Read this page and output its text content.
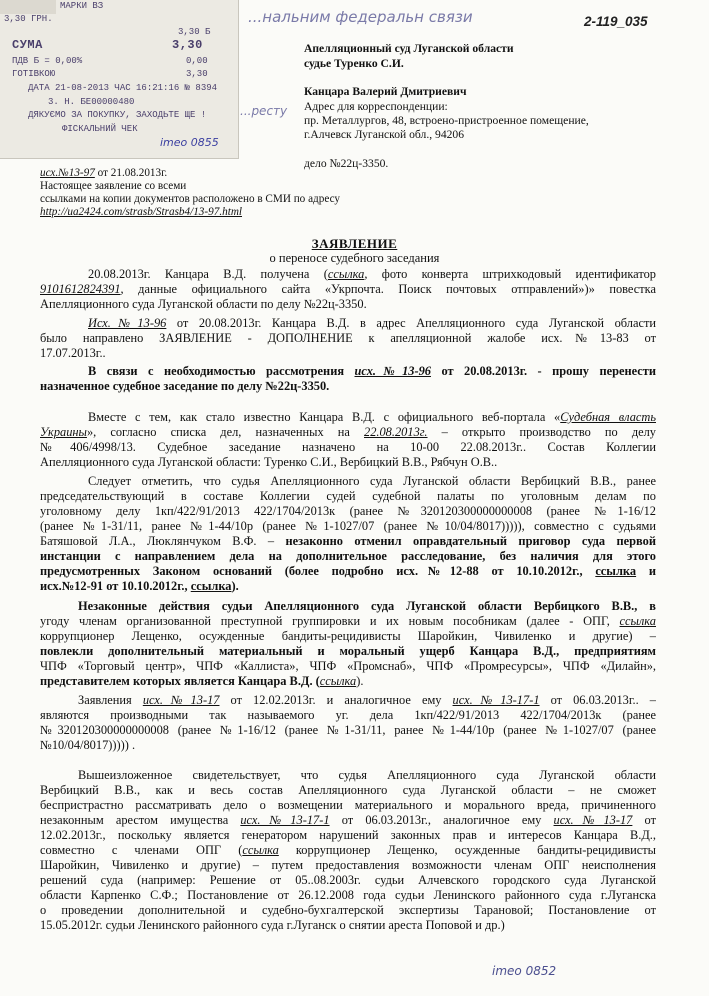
МАРКИ ВЗ
3,30 ГРН.
3,30 Б
СУМА	3,30
ПДВ Б = 0,00%	0,00
ГОТІВКОЮ	3,30
ДАТА 21-08-2013 ЧАС 16:21:16 № 8394
3. Н. БЕ00000480
ДЯКУЄМО ЗА ПОКУПКУ, ЗАХОДЬТЕ ЩЕ !
ФІСКАЛЬНИЙ ЧЕК
imeo 0855
...нальним федеральн связи
...ресту
2-119_035
Апелляционный суд Луганской области
судье Туренко С.И.
Канцара Валерий Дмитриевич
Адрес для корреспонденции:
пр. Металлургов, 48, встроено-пристроенное помещение,
г.Алчевск Луганской обл., 94206
дело №22ц-3350.
исх.№13-97 от 21.08.2013г.
Настоящее заявление со всеми
ссылками на копии документов расположено в СМИ по адресу
http://ua2424.com/strasb/Strasb4/13-97.html
ЗАЯВЛЕНИЕ
о переносе судебного заседания
20.08.2013г. Канцара В.Д. получена (ссылка, фото конверта штрихкодовый идентификатор
9101612824391, данные официального сайта «Укрпочта. Поиск почтовых отправлений»)» повестка
Апелляционного суда Луганской области по делу №22ц-3350.
Исх.№13-96 от 20.08.2013г. Канцара В.Д. в адрес Апелляционного суда Луганской области
было направлено ЗАЯВЛЕНИЕ - ДОПОЛНЕНИЕ к апелляционной жалобе исх.№13-83 от
17.07.2013г..
В связи с необходимостью рассмотрения исх.№13-96 от 20.08.2013г. - прошу перенести
назначенное судебное заседание по делу №22ц-3350.
Вместе с тем, как стало известно Канцара В.Д. с официального веб-портала «Судебная власть
Украины», согласно списка дел, назначенных на 22.08.2013г. – открыто производство по делу
№406/4998/13. Судебное заседание назначено на 10-00 22.08.2013г.. Состав Коллегии
Апелляционного суда Луганской области: Туренко С.И., Вербицкий В.В., Рябчун О.В..
Следует отметить, что судья Апелляционного суда Луганской области Вербицкий В.В., ранее
председательствующий в составе Коллегии судей судебной палаты по уголовным делам по
уголовному делу 1кп/422/91/2013 422/1704/2013к (ранее №320120300000000008 (ранее №1-16/12
(ранее №1-31/11, ранее №1-44/10р (ранее №1-1027/07 (ранее №10/04/8017))))), совместно с судьями
Батяшовой Л.А., Люклянчуком В.Ф. – незаконно отменил оправдательный приговор суда первой
инстанции с направлением дела на дополнительное расследование, без наличия для этого
предусмотренных Законом оснований (более подробно исх.№12-88 от 10.10.2012г., ссылка и
исх.№12-91 от 10.10.2012г., ссылка).
Незаконные действия судьи Апелляционного суда Луганской области Вербицкого В.В., в
угоду членам организованной преступной группировки и их новым пособникам (далее - ОПГ, ссылка
коррупционер Лещенко, осужденные бандиты-рецидивисты Шаройкин, Чивиленко и другие) –
повлекли дополнительный материальный и моральный ущерб Канцара В.Д., предприятиям
ЧПФ «Торговый центр», ЧПФ «Каллиста», ЧПФ «Промснаб», ЧПФ «Промресурсы», ЧПФ «Дилайн»,
представителем которых является Канцара В.Д. (ссылка).
Заявления исх.№13-17 от 12.02.2013г. и аналогичное ему исх.№13-17-1 от 06.03.2013г.. –
являются производными так называемого уг. дела 1кп/422/91/2013 422/1704/2013к (ранее
№320120300000000008 (ранее №1-16/12 (ранее №1-31/11, ранее №1-44/10р (ранее №1-1027/07 (ранее
№10/04/8017))))) .
Вышеизложенное свидетельствует, что судья Апелляционного суда Луганской области
Вербицкий В.В., как и весь состав Апелляционного суда Луганской области – не сможет
беспристрастно рассматривать дело о возмещении материального и морального вреда, причиненного
незаконным арестом имущества исх.№13-17-1 от 06.03.2013г., аналогичное ему исх.№13-17 от
12.02.2013г., поскольку является генератором нарушений законных прав и интересов Канцара В.Д.,
совместно с членами ОПГ (ссылка коррупционер Лещенко, осужденные бандиты-рецидивисты
Шаройкин, Чивиленко и другие) – путем предоставления возможности членам ОПГ неисполнения
решений суда (например: Решение от 05..08.2003г. судьи Алчевского городского суда Луганской
области Карпенко С.Ф.; Постановление от 26.12.2008 года судьи Ленинского районного суда г.Луганска
о проведении дополнительной и судебно-бухгалтерской экспертизы Тарановой; Постановление от
15.05.2012г. судьи Ленинского районного суда г.Луганск о снятии ареста Поповой и др.)
imeo 0852
